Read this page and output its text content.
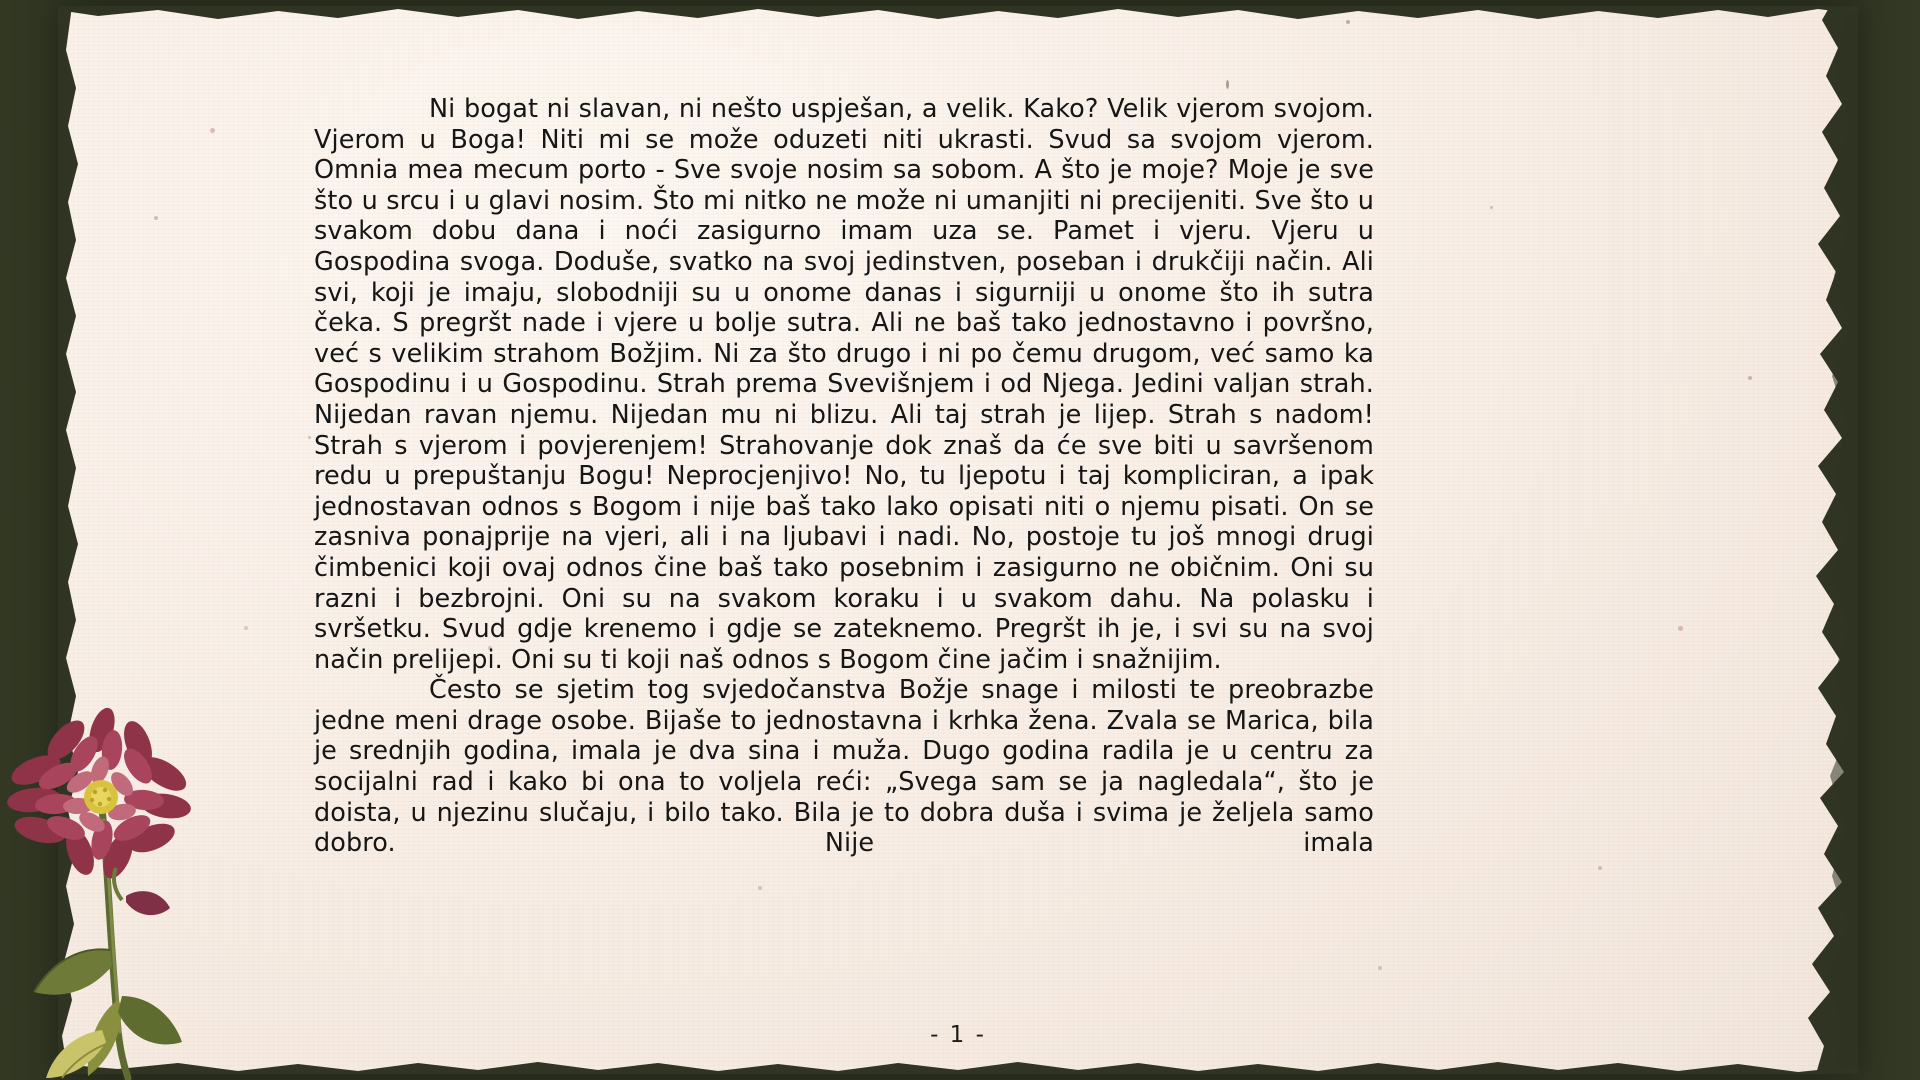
Ni bogat ni slavan, ni nešto uspješan, a velik. Kako? Velik vjerom svojom. Vjerom u Boga! Niti mi se može oduzeti niti ukrasti. Svud sa svojom vjerom. Omnia mea mecum porto - Sve svoje nosim sa sobom. A što je moje? Moje je sve što u srcu i u glavi nosim. Što mi nitko ne može ni umanjiti ni precijeniti. Sve što u svakom dobu dana i noći zasigurno imam uza se. Pamet i vjeru. Vjeru u Gospodina svoga. Doduše, svatko na svoj jedinstven, poseban i drukčiji način. Ali svi, koji je imaju, slobodniji su u onome danas i sigurniji u onome što ih sutra čeka. S pregršt nade i vjere u bolje sutra. Ali ne baš tako jednostavno i površno, već s velikim strahom Božjim. Ni za što drugo i ni po čemu drugom, već samo ka Gospodinu i u Gospodinu. Strah prema Svevišnjem i od Njega. Jedini valjan strah. Nijedan ravan njemu. Nijedan mu ni blizu. Ali taj strah je lijep. Strah s nadom! Strah s vjerom i povjerenjem! Strahovanje dok znaš da će sve biti u savršenom redu u prepuštanju Bogu! Neprocjenjivo! No, tu ljepotu i taj kompliciran, a ipak jednostavan odnos s Bogom i nije baš tako lako opisati niti o njemu pisati. On se zasniva ponajprije na vjeri, ali i na ljubavi i nadi. No, postoje tu još mnogi drugi čimbenici koji ovaj odnos čine baš tako posebnim i zasigurno ne običnim. Oni su razni i bezbrojni. Oni su na svakom koraku i u svakom dahu. Na polasku i svršetku. Svud gdje krenemo i gdje se zateknemo. Pregršt ih je, i svi su na svoj način prelijepi. Oni su ti koji naš odnos s Bogom čine jačim i snažnijim.

Često se sjetim tog svjedočanstva Božje snage i milosti te preobrazbe jedne meni drage osobe. Bijaše to jednostavna i krhka žena. Zvala se Marica, bila je srednjih godina, imala je dva sina i muža. Dugo godina radila je u centru za socijalni rad i kako bi ona to voljela reći: „Svega sam se ja nagledala“, što je doista, u njezinu slučaju, i bilo tako. Bila je to dobra duša i svima je željela samo dobro. Nije imala

- 1 -
